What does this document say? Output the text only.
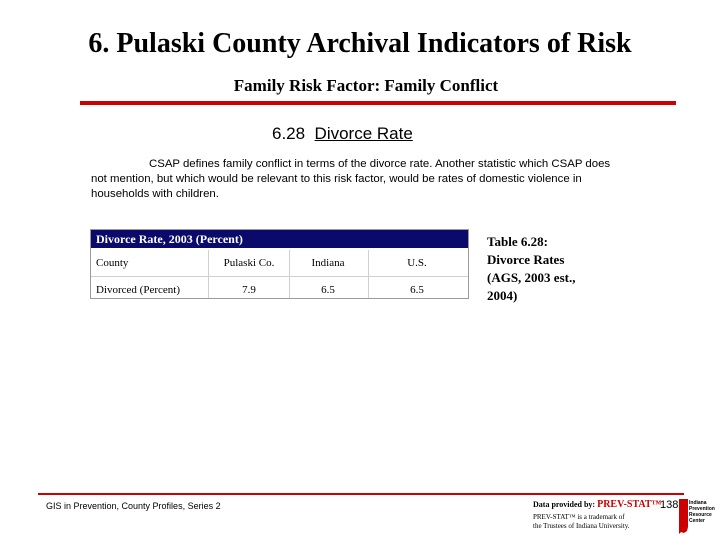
6. Pulaski County Archival Indicators of Risk
Family Risk Factor: Family Conflict
6.28 Divorce Rate
CSAP defines family conflict in terms of the divorce rate. Another statistic which CSAP does not mention, but which would be relevant to this risk factor, would be rates of domestic violence in households with children.
Divorce Rate, 2003 (Percent)
County	Pulaski Co.	Indiana	U.S.
Divorced (Percent)	7.9	6.5	6.5
Table 6.28: Divorce Rates (AGS, 2003 est., 2004)
GIS in Prevention, County Profiles, Series 2	Data provided by: PREV-STAT™
PREV-STAT™ is a trademark of
the Trustees of Indiana University.
138 Indiana Prevention Resource Center
